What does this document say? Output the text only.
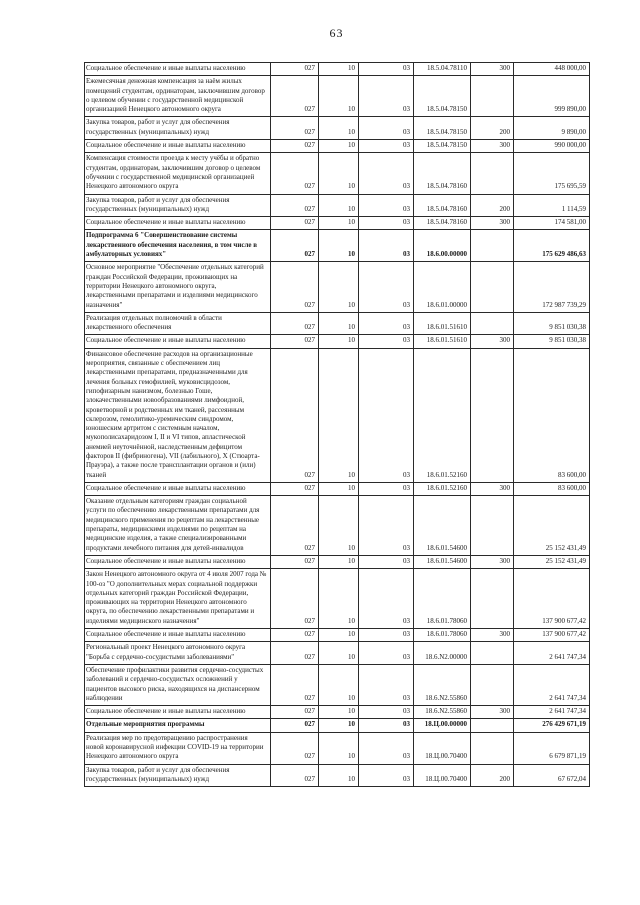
63
Социальное обеспечение и иные выплаты населению	027	10	03	18.5.04.78110	300	448 000,00
Ежемесячная денежная компенсация за наём жилых помещений студентам, ординаторам, заключившим договор о целевом обучении с государственной медицинской организацией Ненецкого автономного округа	027	10	03	18.5.04.78150		999 890,00
Закупка товаров, работ и услуг для обеспечения государственных (муниципальных) нужд	027	10	03	18.5.04.78150	200	9 890,00
Социальное обеспечение и иные выплаты населению	027	10	03	18.5.04.78150	300	990 000,00
Компенсация стоимости проезда к месту учёбы и обратно студентам, ординаторам, заключившим договор о целевом обучении с государственной медицинской организацией Ненецкого автономного округа	027	10	03	18.5.04.78160		175 695,59
Закупка товаров, работ и услуг для обеспечения государственных (муниципальных) нужд	027	10	03	18.5.04.78160	200	1 114,59
Социальное обеспечение и иные выплаты населению	027	10	03	18.5.04.78160	300	174 581,00
Подпрограмма 6 "Совершенствование системы лекарственного обеспечения населения, в том числе в амбулаторных условиях"	027	10	03	18.6.00.00000		175 629 486,63
Основное мероприятие "Обеспечение отдельных категорий граждан Российской Федерации, проживающих на территории Ненецкого автономного округа, лекарственными препаратами и изделиями медицинского назначения"	027	10	03	18.6.01.00000		172 987 739,29
Реализация отдельных полномочий в области лекарственного обеспечения	027	10	03	18.6.01.51610		9 851 030,38
Социальное обеспечение и иные выплаты населению	027	10	03	18.6.01.51610	300	9 851 030,38
Финансовое обеспечение расходов на организационные мероприятия, связанные с обеспечением лиц лекарственными препаратами, предназначенными для лечения больных гемофилией, муковисцидозом, гипофизарным нанизмом, болезнью Гоше, злокачественными новообразованиями лимфоидной, кроветворной и родственных им тканей, рассеянным склерозом, гемолитико-уремическим синдромом, юношеским артритом с системным началом, мукополисахаридозом I, II и VI типов, апластической анемией неуточнённой, наследственным дефицитом факторов II (фибриногена), VII (лабильного), X (Стюарта-Прауэра), а также после трансплантации органов и (или) тканей	027	10	03	18.6.01.52160		83 600,00
Социальное обеспечение и иные выплаты населению	027	10	03	18.6.01.52160	300	83 600,00
Оказание отдельным категориям граждан социальной услуги по обеспечению лекарственными препаратами для медицинского применения по рецептам на лекарственные препараты, медицинскими изделиями по рецептам на медицинские изделия, а также специализированными продуктами лечебного питания для детей-инвалидов	027	10	03	18.6.01.54600		25 152 431,49
Социальное обеспечение и иные выплаты населению	027	10	03	18.6.01.54600	300	25 152 431,49
Закон Ненецкого автономного округа от 4 июля 2007 года № 100-оз "О дополнительных мерах социальной поддержки отдельных категорий граждан Российской Федерации, проживающих на территории Ненецкого автономного округа, по обеспечению лекарственными препаратами и изделиями медицинского назначения"	027	10	03	18.6.01.78060		137 900 677,42
Социальное обеспечение и иные выплаты населению	027	10	03	18.6.01.78060	300	137 900 677,42
Региональный проект Ненецкого автономного округа "Борьба с сердечно-сосудистыми заболеваниями"	027	10	03	18.6.N2.00000		2 641 747,34
Обеспечение профилактики развития сердечно-сосудистых заболеваний и сердечно-сосудистых осложнений у пациентов высокого риска, находящихся на диспансерном наблюдении	027	10	03	18.6.N2.55860		2 641 747,34
Социальное обеспечение и иные выплаты населению	027	10	03	18.6.N2.55860	300	2 641 747,34
Отдельные мероприятия программы	027	10	03	18.Ц.00.00000		276 429 671,19
Реализация мер по предотвращению распространения новой коронавирусной инфекции COVID-19 на территории Ненецкого автономного округа	027	10	03	18.Ц.00.70400		6 679 871,19
Закупка товаров, работ и услуг для обеспечения государственных (муниципальных) нужд	027	10	03	18.Ц.00.70400	200	67 672,04
